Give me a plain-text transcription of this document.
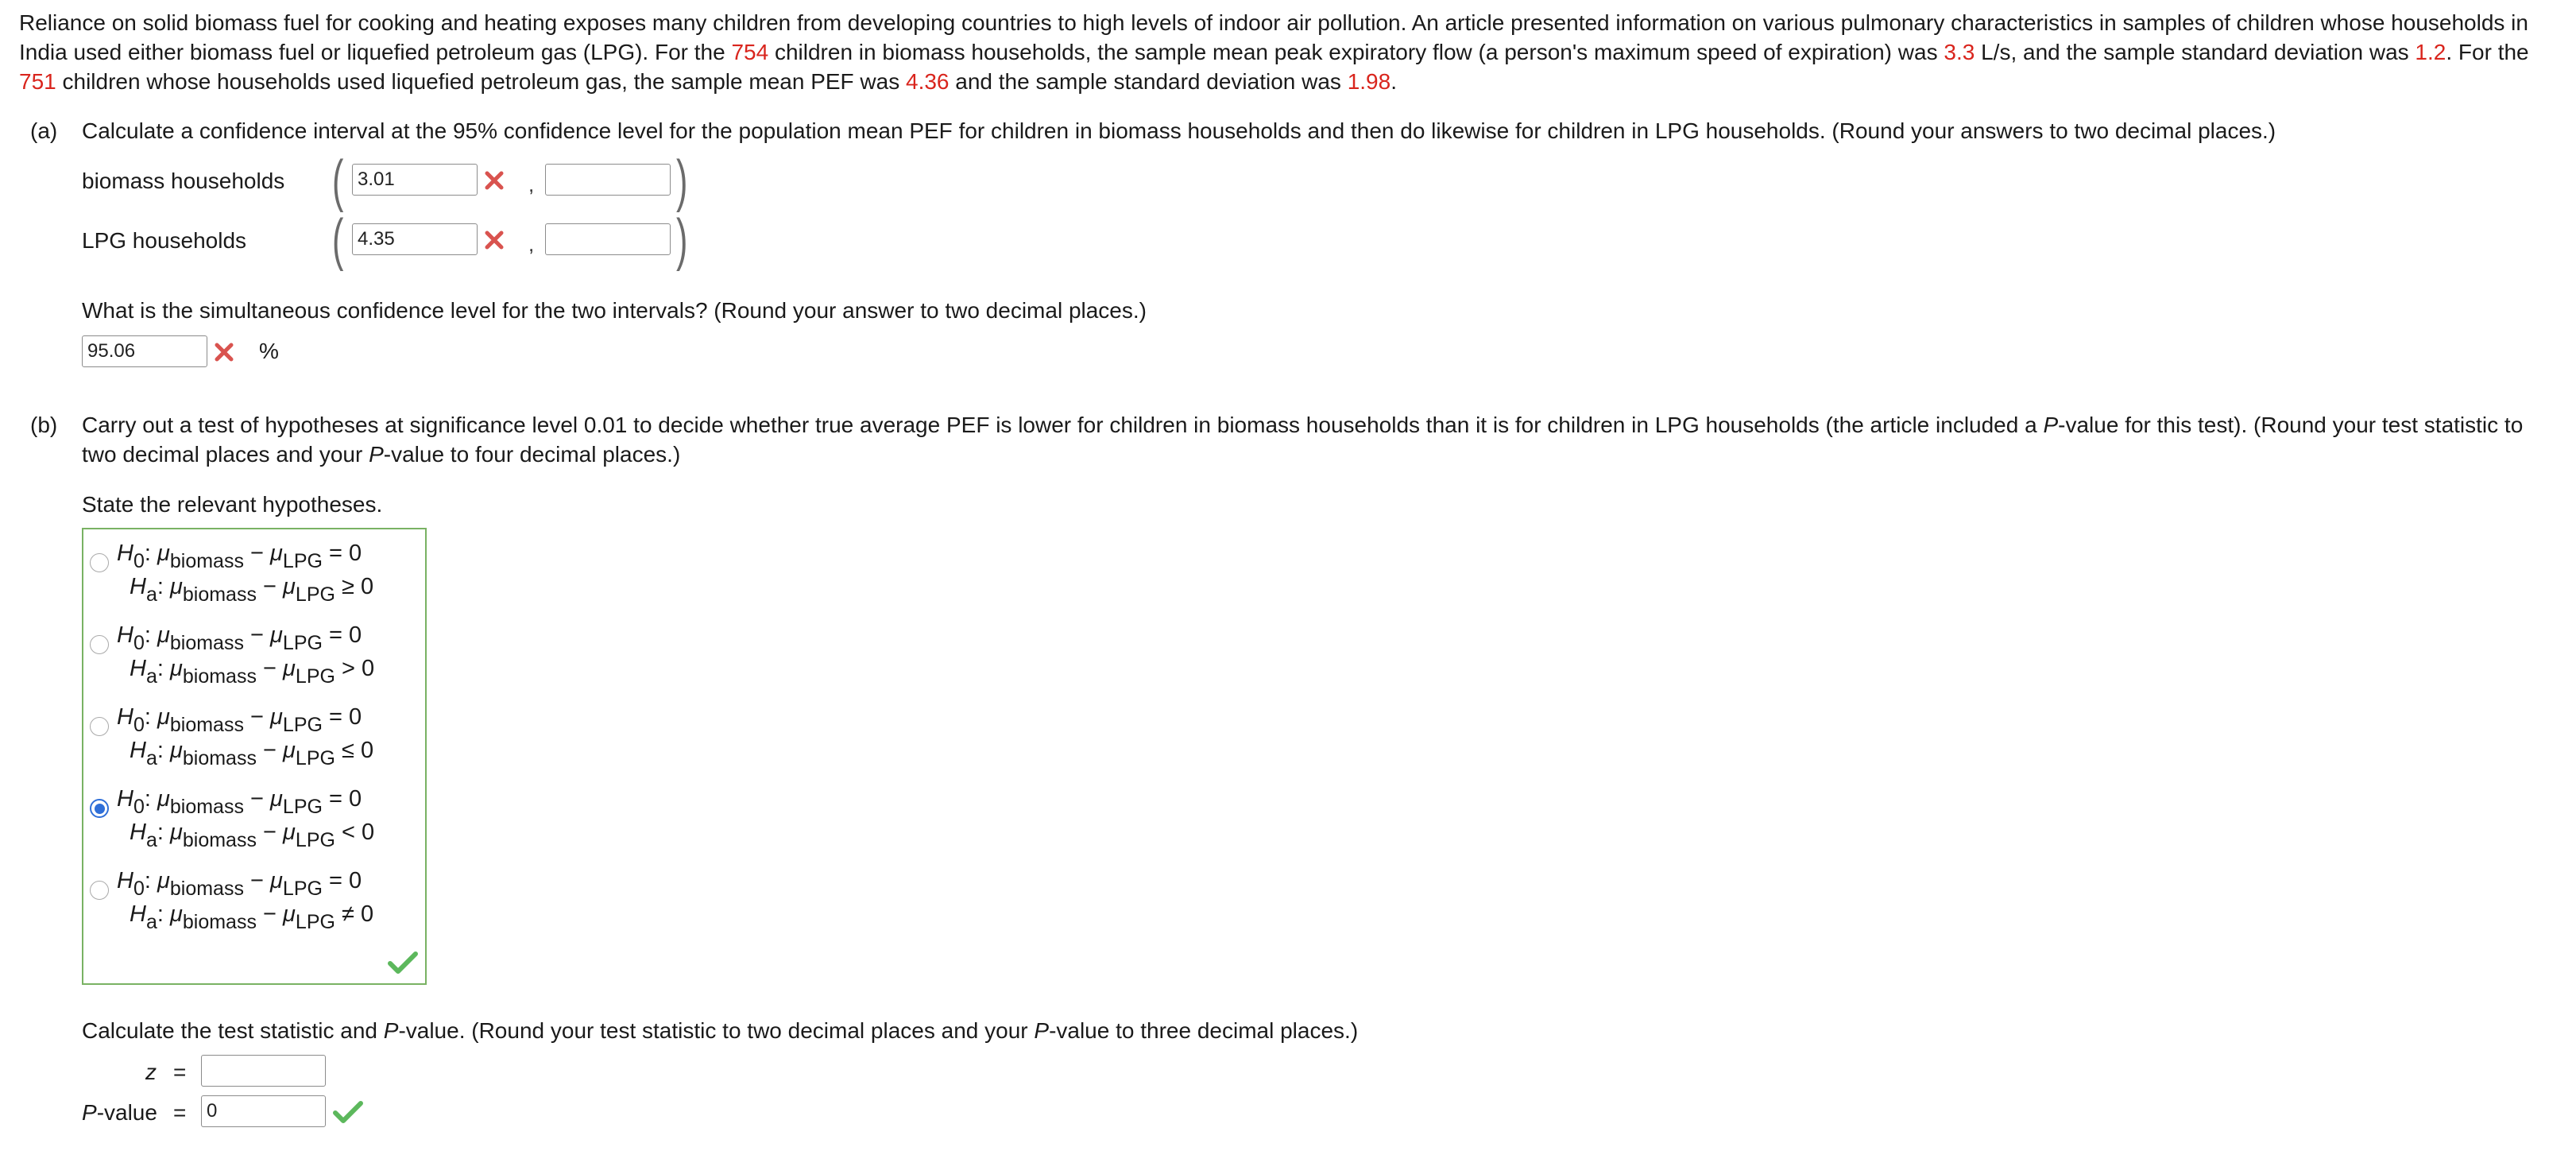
Reliance on solid biomass fuel for cooking and heating exposes many children from developing countries to high levels of indoor air pollution. An article presented information on various pulmonary characteristics in samples of children whose households in India used either biomass fuel or liquefied petroleum gas (LPG). For the 754 children in biomass households, the sample mean peak expiratory flow (a person's maximum speed of expiration) was 3.3 L/s, and the sample standard deviation was 1.2. For the 751 children whose households used liquefied petroleum gas, the sample mean PEF was 4.36 and the sample standard deviation was 1.98.
(a) Calculate a confidence interval at the 95% confidence level for the population mean PEF for children in biomass households and then do likewise for children in LPG households. (Round your answers to two decimal places.)
biomass households (
3.01	, )
LPG households (
4.35	, )
What is the simultaneous confidence level for the two intervals? (Round your answer to two decimal places.)
95.06
%
(b) Carry out a test of hypotheses at significance level 0.01 to decide whether true average PEF is lower for children in biomass households than it is for children in LPG households (the article included a P-value for this test). (Round your test statistic to two decimal places and your P-value to four decimal places.)
State the relevant hypotheses.
H0: μbiomass − μLPG = 0
Ha: μbiomass − μLPG ≥ 0
H0: μbiomass − μLPG = 0
Ha: μbiomass − μLPG > 0
H0: μbiomass − μLPG = 0
Ha: μbiomass − μLPG ≤ 0
H0: μbiomass − μLPG = 0
Ha: μbiomass − μLPG < 0
H0: μbiomass − μLPG = 0
Ha: μbiomass − μLPG ≠ 0
Calculate the test statistic and P-value. (Round your test statistic to two decimal places and your P-value to three decimal places.)
z =
P-value =
0
